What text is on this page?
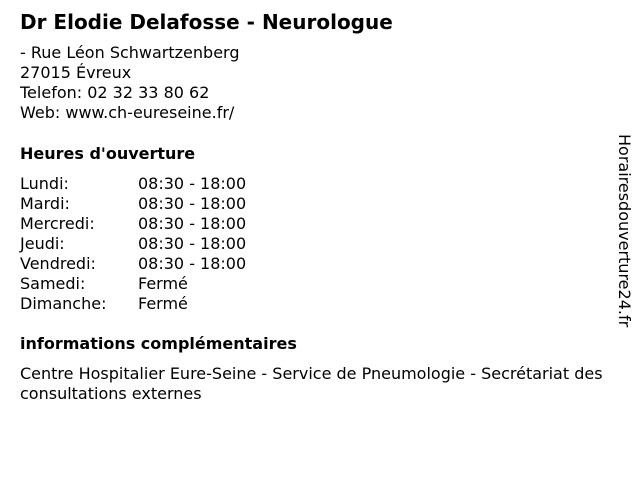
Dr Elodie Delafosse - Neurologue
- Rue Léon Schwartzenberg
27015 Évreux
Telefon: 02 32 33 80 62
Web: www.ch-eureseine.fr/
Heures d'ouverture
Lundi:	08:30 - 18:00
Mardi:	08:30 - 18:00
Mercredi:	08:30 - 18:00
Jeudi:	08:30 - 18:00
Vendredi:	08:30 - 18:00
Samedi:	Fermé
Dimanche:	Fermé
informations complémentaires
Centre Hospitalier Eure-Seine - Service de Pneumologie - Secrétariat des consultations externes
Horairesdouverture24.fr
